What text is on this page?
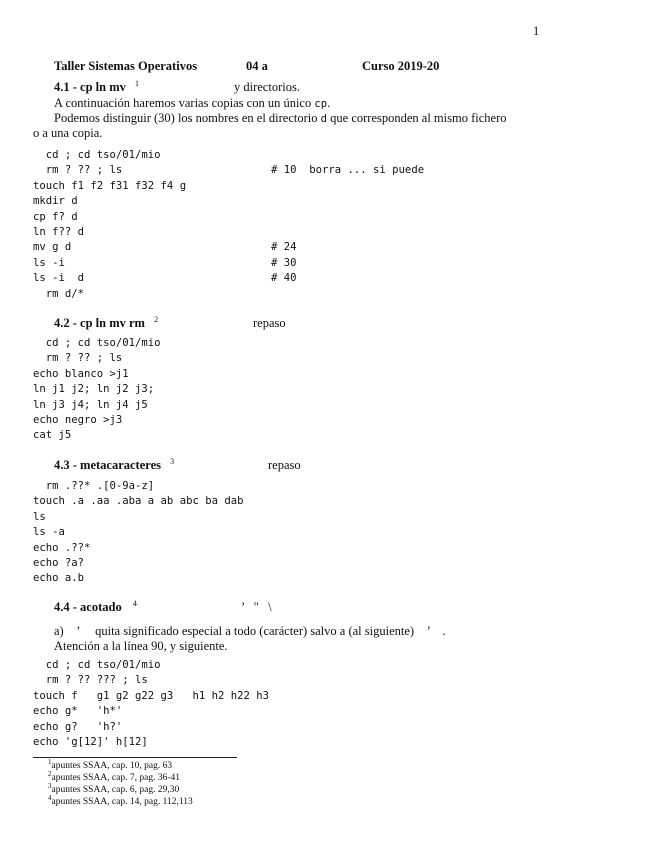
1
Taller Sistemas Operativos	04 a	Curso 2019-20
4.1 - cp ln mv $^1$	y directorios.
A continuación haremos varias copias con un único cp.
Podemos distinguir (30) los nombres en el directorio d que corresponden al mismo fichero
o a una copia.
cd ; cd tso/01/mio
rm ? ?? ; ls	# 10  borra ... si puede
touch f1 f2 f31 f32 f4 g
mkdir d
cp f? d
ln f?? d
mv g d	# 24
ls -i	# 30
ls -i  d	# 40
rm d/*
4.2 - cp ln mv rm $^2$	repaso
cd ; cd tso/01/mio
rm ? ?? ; ls
echo blanco >j1
ln j1 j2; ln j2 j3;
ln j3 j4; ln j4 j5
echo negro >j3
cat j5
4.3 - metacaracteres $^3$	repaso
rm .??* .[0-9a-z]
touch .a .aa .aba a ab abc ba dab
ls
ls -a
echo .??*
echo ?a?
echo a.b
4.4 - acotado $^4$	’   "   \
a) ’ quita significado especial a todo (carácter) salvo a (al siguiente) ’ .
Atención a la línea 90, y siguiente.
cd ; cd tso/01/mio
rm ? ?? ??? ; ls
touch f   g1 g2 g22 g3   h1 h2 h22 h3
echo g*   'h*'
echo g?   'h?'
echo 'g[12]' h[12]
$^1$apuntes SSAA, cap. 10, pag. 63
$^2$apuntes SSAA, cap. 7, pag. 36-41
$^3$apuntes SSAA, cap. 6, pag. 29,30
$^4$apuntes SSAA, cap. 14, pag. 112,113
